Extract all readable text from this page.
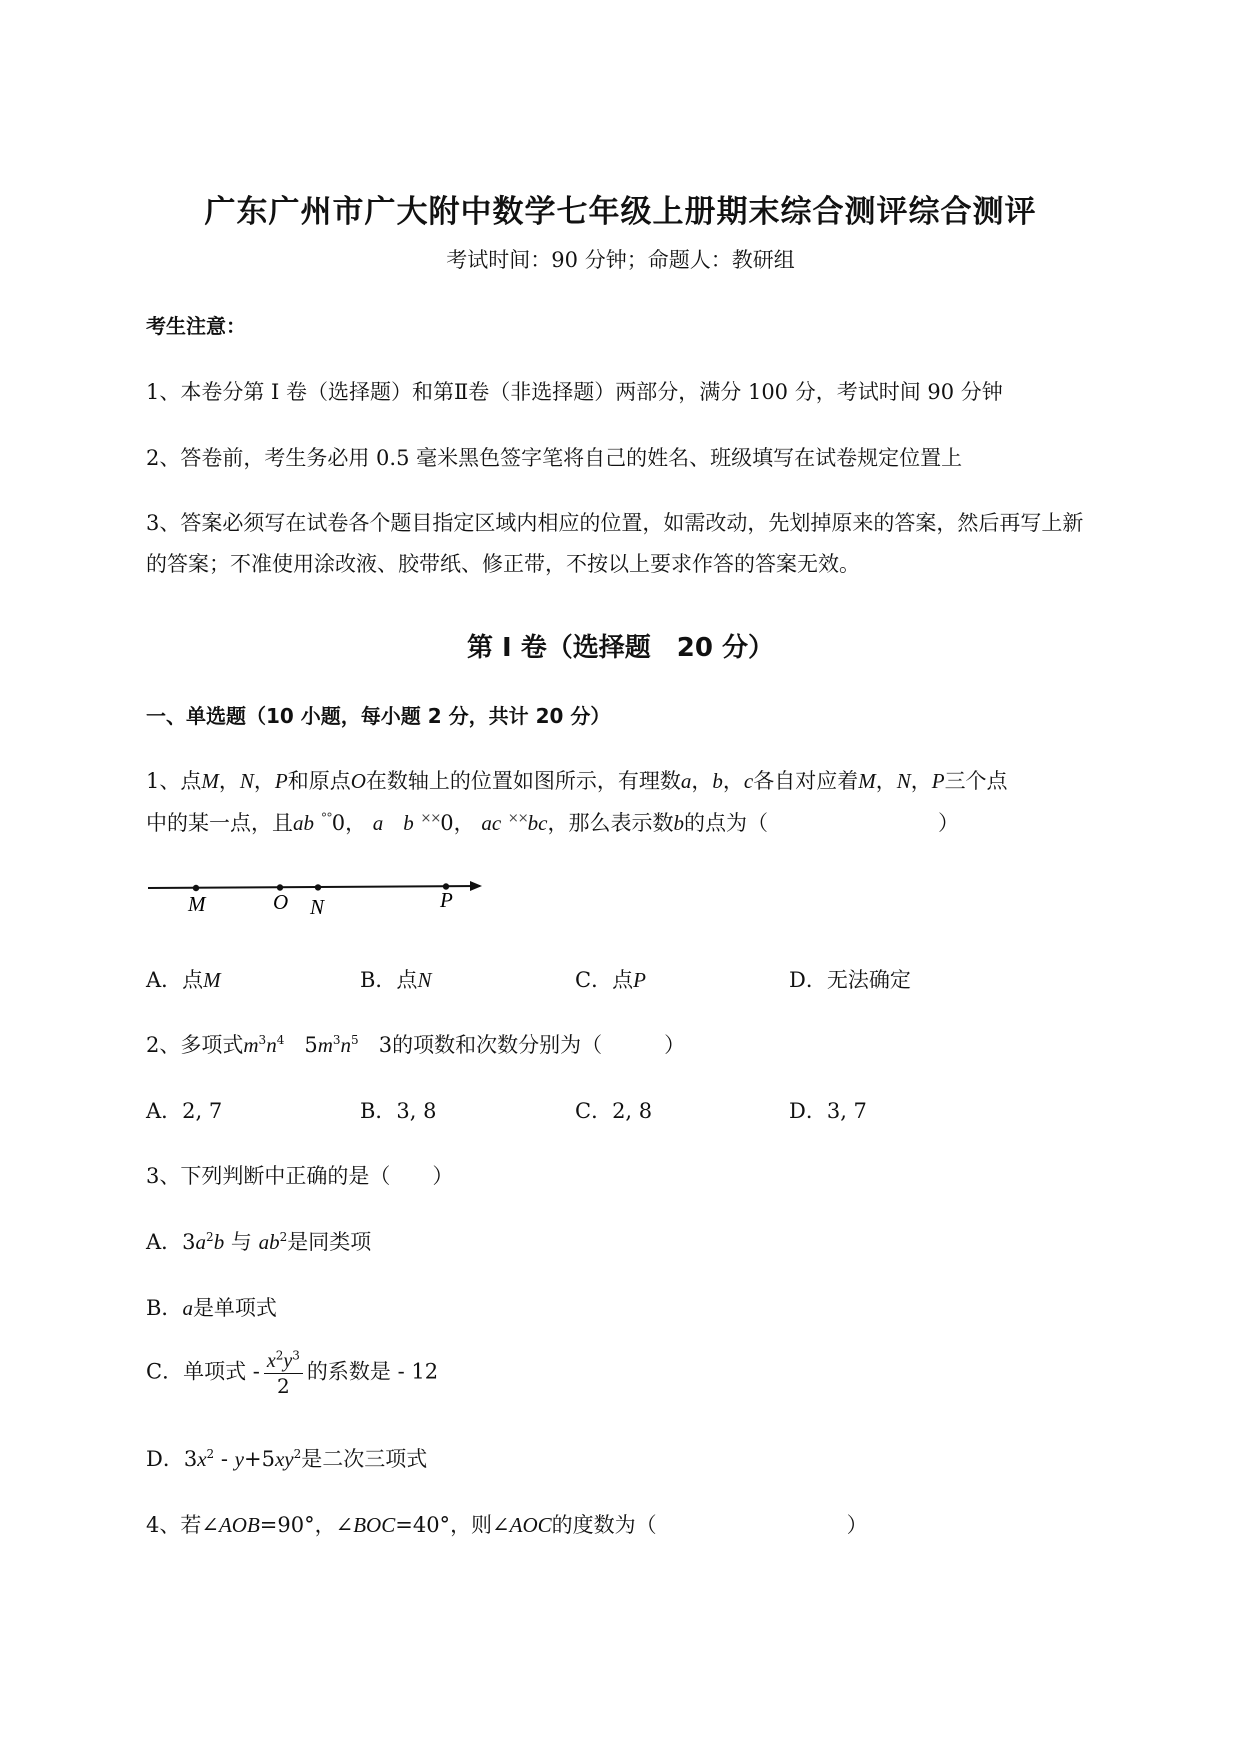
广东广州市广大附中数学七年级上册期末综合测评综合测评
考试时间：90 分钟；命题人：教研组
考生注意：
1、本卷分第 I 卷（选择题）和第Ⅱ卷（非选择题）两部分，满分 100 分，考试时间 90 分钟
2、答卷前，考生务必用 0.5 毫米黑色签字笔将自己的姓名、班级填写在试卷规定位置上
3、答案必须写在试卷各个题目指定区域内相应的位置，如需改动，先划掉原来的答案，然后再写上新
的答案；不准使用涂改液、胶带纸、修正带，不按以上要求作答的答案无效。
第 I 卷（选择题　20 分）
一、单选题（10 小题，每小题 2 分，共计 20 分）
1、点M，N，P和原点O在数轴上的位置如图所示，有理数a，b，c各自对应着M，N，P三个点
中的某一点，且ab °°0， a b ××0， ac ××bc，那么表示数b的点为（	）
M	O N	P
A．点M	B．点N	C．点P	D．无法确定
2、多项式$m^3n^4$ $5m^3n^5$ 3的项数和次数分别为（	）
A．2, 7	B．3, 8	C．2, 8	D．3, 7
3、下列判断中正确的是（　　）
A．$3a^2b$ 与 $ab^2$是同类项
B．a是单项式
C．单项式 - $\frac{x^2y^3}{2}$ 的系数是 - 12
D．$3x^2 - y+5xy^2$是二次三项式
4、若∠AOB=90°，∠BOC=40°，则∠AOC的度数为（	）
